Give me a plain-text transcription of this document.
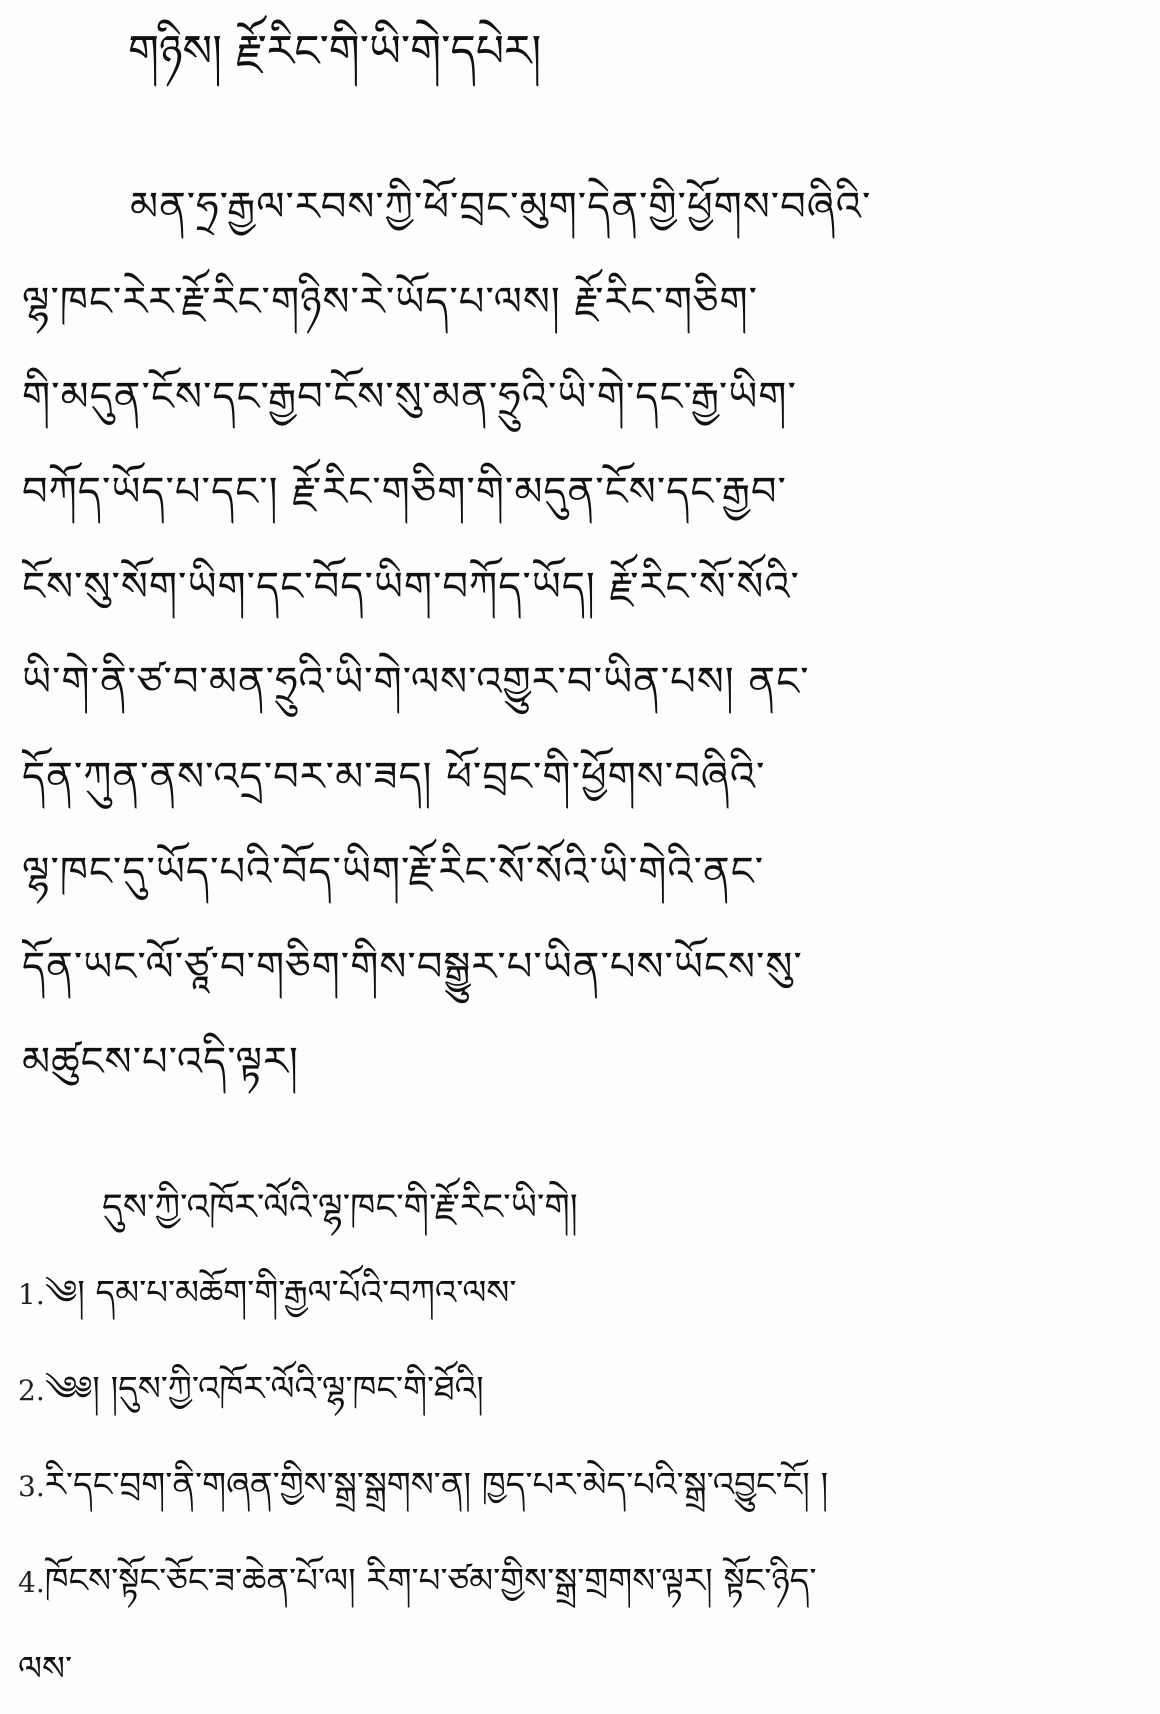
གཉིས། རྗོ་རིང་གི་ཡི་གེ་དཔེར།
མན་ཧྲ་རྒྱལ་རབས་ཀྱི་ཕོ་བྲང་མུག་དེན་གྱི་ཕྱོགས་བཞིའི་
ལྷ་ཁང་རེར་རྗོ་རིང་གཉིས་རེ་ཡོད་པ་ལས། རྗོ་རིང་གཅིག་
གི་མདུན་ངོས་དང་རྒྱབ་ངོས་སུ་མན་ཧྲུའི་ཡི་གེ་དང་རྒྱ་ཡིག་
བཀོད་ཡོད་པ་དང་། རྗོ་རིང་གཅིག་གི་མདུན་ངོས་དང་རྒྱབ་
ངོས་སུ་སོག་ཡིག་དང་བོད་ཡིག་བཀོད་ཡོད། རྗོ་རིང་སོ་སོའི་
ཡི་གེ་ནི་ཙ་བ་མན་ཧྲུའི་ཡི་གེ་ལས་འགྱུར་བ་ཡིན་པས། ནང་
དོན་ཀུན་ནས་འདྲ་བར་མ་ཟད། ཕོ་བྲང་གི་ཕྱོགས་བཞིའི་
ལྷ་ཁང་དུ་ཡོད་པའི་བོད་ཡིག་རྗོ་རིང་སོ་སོའི་ཡི་གེའི་ནང་
དོན་ཡང་ལོ་ཙཱ་བ་གཅིག་གིས་བསྒྱུར་པ་ཡིན་པས་ཡོངས་སུ་
མཚུངས་པ་འདི་ལྟར།
དུས་ཀྱི་འཁོར་ལོའི་ལྷ་ཁང་གི་རྗོ་རིང་ཡི་གེ།
1.༄། དམ་པ་མཆོག་གི་རྒྱལ་པོའི་བཀའ་ལས་
2.༄༅། །དུས་ཀྱི་འཁོར་ལོའི་ལྷ་ཁང་གི་ཐོའི།
3.རི་དང་བྲག་ནི་གཞན་གྱིས་སྒྲ་སྒྲགས་ན། ཁྱད་པར་མེད་པའི་སྒྲ་འབྱུང་ངོ། །
4.ཁོངས་སྟོང་ཅོང་ཟ་ཆེན་པོ་ལ། རིག་པ་ཙམ་གྱིས་སྒྲ་གྲགས་ལྟར། སྟོང་ཉིད་
ལས་
